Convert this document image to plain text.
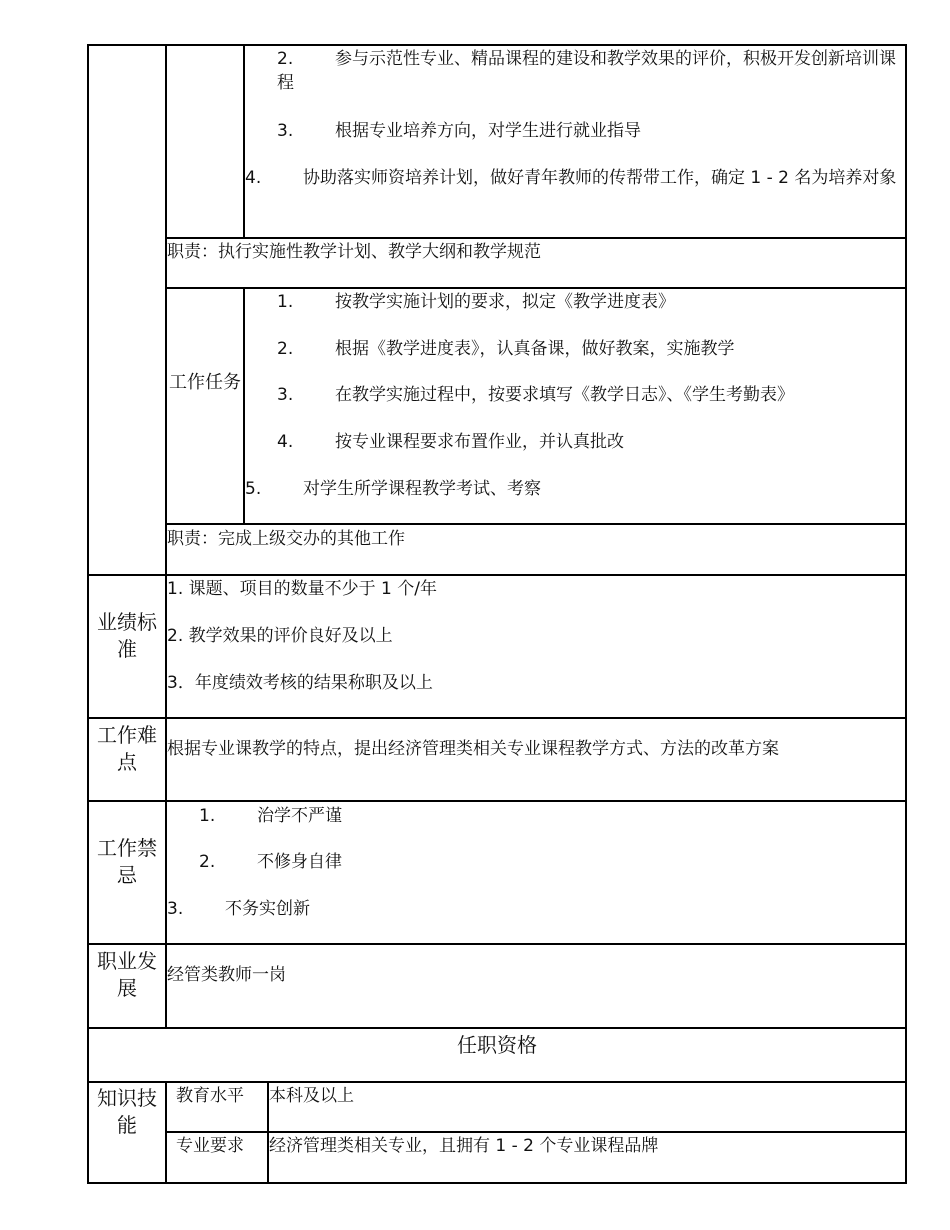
2.	参与示范性专业、精品课程的建设和教学效果的评价，积极开发创新培训课程
3. 根据专业培养方向，对学生进行就业指导
4.	协助落实师资培养计划，做好青年教师的传帮带工作，确定 1 - 2 名为培养对象
职责：执行实施性教学计划、教学大纲和教学规范
工作任务
1. 按教学实施计划的要求，拟定《教学进度表》
2. 根据《教学进度表》，认真备课，做好教案，实施教学
3. 在教学实施过程中，按要求填写《教学日志》、《学生考勤表》
4. 按专业课程要求布置作业，并认真批改
5. 对学生所学课程教学考试、考察
职责：完成上级交办的其他工作
业绩标准
1. 课题、项目的数量不少于 1 个/年
2. 教学效果的评价良好及以上
3．年度绩效考核的结果称职及以上
工作难点
根据专业课教学的特点，提出经济管理类相关专业课程教学方式、方法的改革方案
工作禁忌
1. 治学不严谨
2. 不修身自律
3. 不务实创新
职业发展
经管类教师一岗
任职资格
知识技能
教育水平 本科及以上
专业要求 经济管理类相关专业，且拥有 1 - 2 个专业课程品牌
